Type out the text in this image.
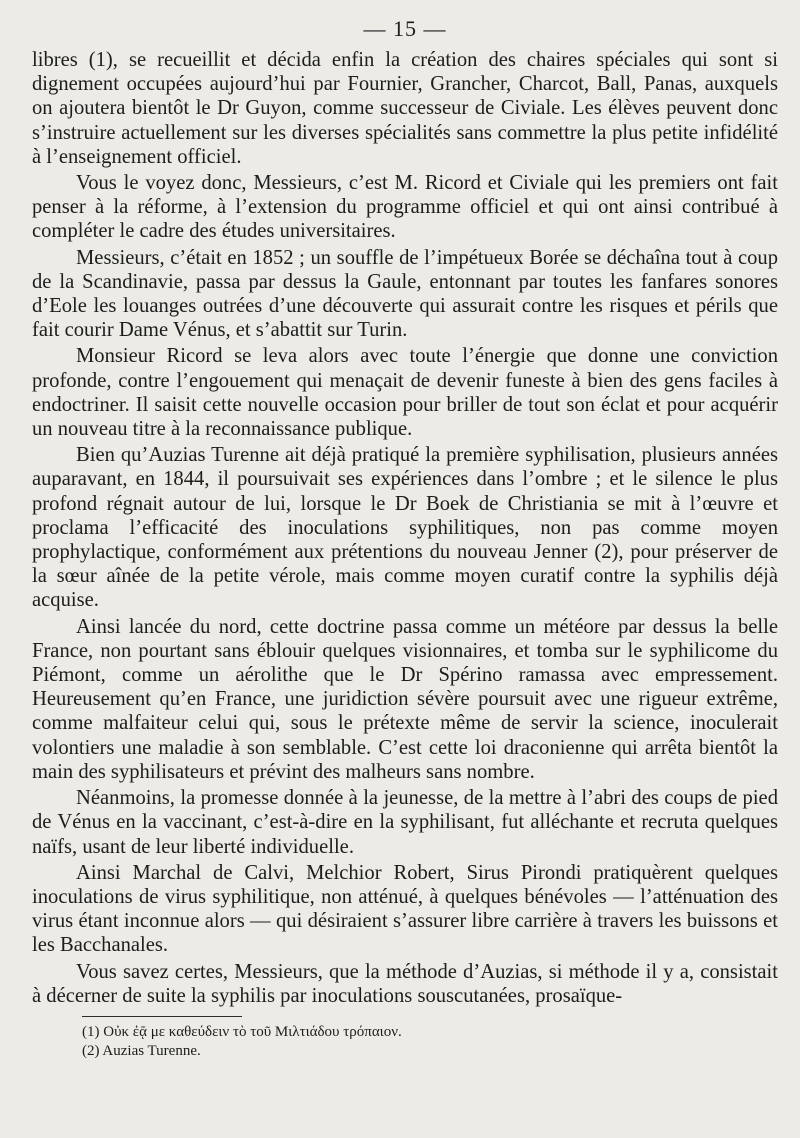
— 15 —

libres (1), se recueillit et décida enfin la création des chaires spéciales qui sont si dignement occupées aujourd’hui par Fournier, Grancher, Charcot, Ball, Panas, auxquels on ajoutera bientôt le Dr Guyon, comme successeur de Civiale. Les élèves peuvent donc s’instruire actuellement sur les diverses spécialités sans commettre la plus petite infidélité à l’enseignement officiel.

Vous le voyez donc, Messieurs, c’est M. Ricord et Civiale qui les premiers ont fait penser à la réforme, à l’extension du programme officiel et qui ont ainsi contribué à compléter le cadre des études universitaires.

Messieurs, c’était en 1852 ; un souffle de l’impétueux Borée se déchaîna tout à coup de la Scandinavie, passa par dessus la Gaule, entonnant par toutes les fanfares sonores d’Eole les louanges outrées d’une découverte qui assurait contre les risques et périls que fait courir Dame Vénus, et s’abattit sur Turin.

Monsieur Ricord se leva alors avec toute l’énergie que donne une conviction profonde, contre l’engouement qui menaçait de devenir funeste à bien des gens faciles à endoctriner. Il saisit cette nouvelle occasion pour briller de tout son éclat et pour acquérir un nouveau titre à la reconnaissance publique.

Bien qu’Auzias Turenne ait déjà pratiqué la première syphilisation, plusieurs années auparavant, en 1844, il poursuivait ses expériences dans l’ombre ; et le silence le plus profond régnait autour de lui, lorsque le Dr Boek de Christiania se mit à l’œuvre et proclama l’efficacité des inoculations syphilitiques, non pas comme moyen prophylactique, conformément aux prétentions du nouveau Jenner (2), pour préserver de la sœur aînée de la petite vérole, mais comme moyen curatif contre la syphilis déjà acquise.

Ainsi lancée du nord, cette doctrine passa comme un météore par dessus la belle France, non pourtant sans éblouir quelques visionnaires, et tomba sur le syphilicome du Piémont, comme un aérolithe que le Dr Spérino ramassa avec empressement. Heureusement qu’en France, une juridiction sévère poursuit avec une rigueur extrême, comme malfaiteur celui qui, sous le prétexte même de servir la science, inoculerait volontiers une maladie à son semblable. C’est cette loi draconienne qui arrêta bientôt la main des syphilisateurs et prévint des malheurs sans nombre.

Néanmoins, la promesse donnée à la jeunesse, de la mettre à l’abri des coups de pied de Vénus en la vaccinant, c’est-à-dire en la syphilisant, fut alléchante et recruta quelques naïfs, usant de leur liberté individuelle.

Ainsi Marchal de Calvi, Melchior Robert, Sirus Pirondi pratiquèrent quelques inoculations de virus syphilitique, non atténué, à quelques bénévoles — l’atténuation des virus étant inconnue alors — qui désiraient s’assurer libre carrière à travers les buissons et les Bacchanales.

Vous savez certes, Messieurs, que la méthode d’Auzias, si méthode il y a, consistait à décerner de suite la syphilis par inoculations souscutanées, prosaïque-

(1) Οὐκ ἐᾷ με καθεύδειν τὸ τοῦ Μιλτιάδου τρόπαιον.
(2) Auzias Turenne.
